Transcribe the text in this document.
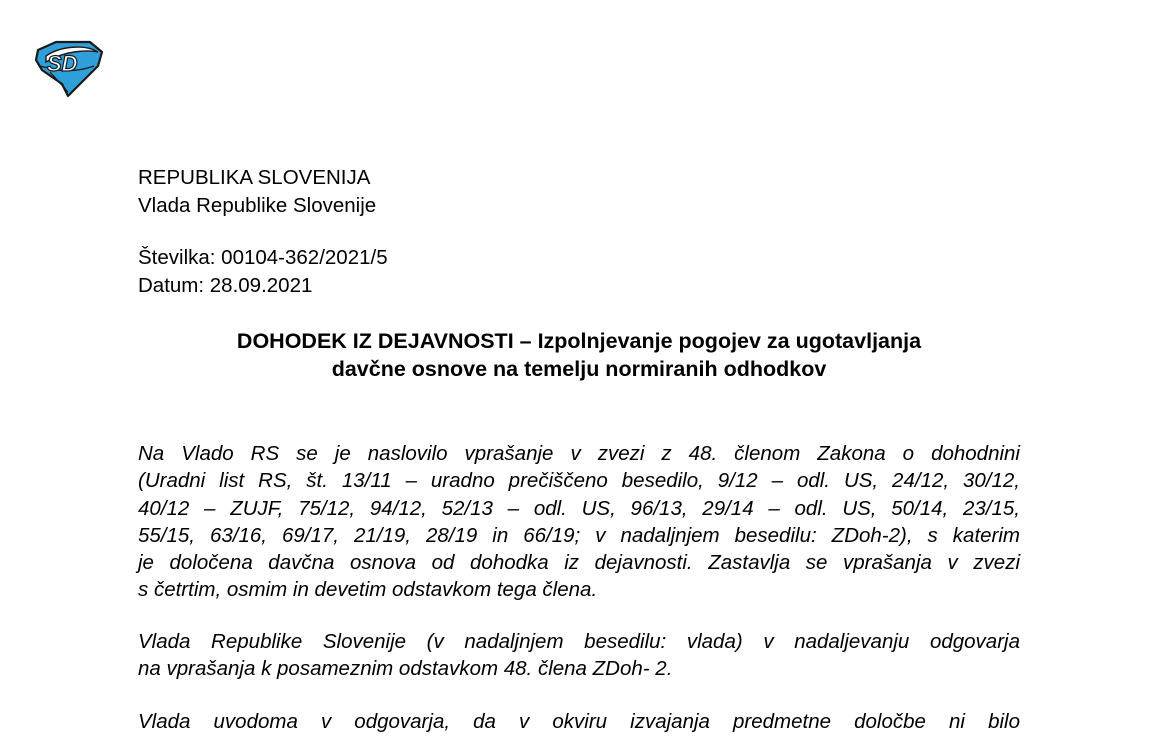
SD
REPUBLIKA SLOVENIJA
Vlada Republike Slovenije
Številka: 00104-362/2021/5
Datum: 28.09.2021
DOHODEK IZ DEJAVNOSTI – Izpolnjevanje pogojev za ugotavljanja
davčne osnove na temelju normiranih odhodkov
Na Vlado RS se je naslovilo vprašanje v zvezi z 48. členom Zakona o dohodnini
(Uradni list RS, št. 13/11 – uradno prečiščeno besedilo, 9/12 – odl. US, 24/12, 30/12,
40/12 – ZUJF, 75/12, 94/12, 52/13 – odl. US, 96/13, 29/14 – odl. US, 50/14, 23/15,
55/15, 63/16, 69/17, 21/19, 28/19 in 66/19; v nadaljnjem besedilu: ZDoh-2), s katerim
je določena davčna osnova od dohodka iz dejavnosti. Zastavlja se vprašanja v zvezi
s četrtim, osmim in devetim odstavkom tega člena.
Vlada Republike Slovenije (v nadaljnjem besedilu: vlada) v nadaljevanju odgovarja
na vprašanja k posameznim odstavkom 48. člena ZDoh- 2.
Vlada uvodoma v odgovarja, da v okviru izvajanja predmetne določbe ni bilo
